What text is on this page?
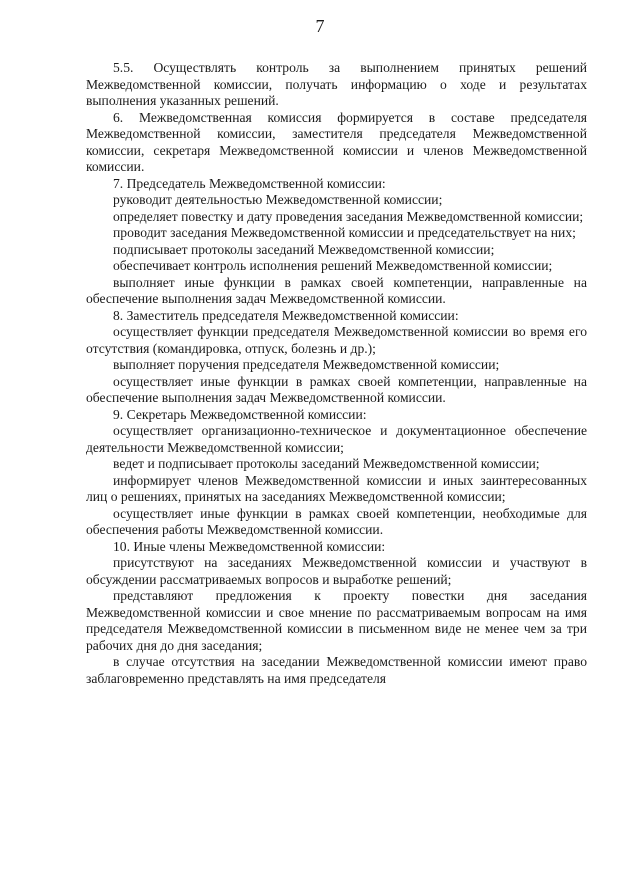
7

5.5. Осуществлять контроль за выполнением принятых решений Межведомственной комиссии, получать информацию о ходе и результатах выполнения указанных решений.

6. Межведомственная комиссия формируется в составе председателя Межведомственной комиссии, заместителя председателя Межведомственной комиссии, секретаря Межведомственной комиссии и членов Межведомственной комиссии.

7. Председатель Межведомственной комиссии:

руководит деятельностью Межведомственной комиссии;

определяет повестку и дату проведения заседания Межведомственной комиссии;

проводит заседания Межведомственной комиссии и председательствует на них;

подписывает протоколы заседаний Межведомственной комиссии;

обеспечивает контроль исполнения решений Межведомственной комиссии;

выполняет иные функции в рамках своей компетенции, направленные на обеспечение выполнения задач Межведомственной комиссии.

8. Заместитель председателя Межведомственной комиссии:

осуществляет функции председателя Межведомственной комиссии во время его отсутствия (командировка, отпуск, болезнь и др.);

выполняет поручения председателя Межведомственной комиссии;

осуществляет иные функции в рамках своей компетенции, направленные на обеспечение выполнения задач Межведомственной комиссии.

9. Секретарь Межведомственной комиссии:

осуществляет организационно-техническое и документационное обеспечение деятельности Межведомственной комиссии;

ведет и подписывает протоколы заседаний Межведомственной комиссии;

информирует членов Межведомственной комиссии и иных заинтересованных лиц о решениях, принятых на заседаниях Межведомственной комиссии;

осуществляет иные функции в рамках своей компетенции, необходимые для обеспечения работы Межведомственной комиссии.

10. Иные члены Межведомственной комиссии:

присутствуют на заседаниях Межведомственной комиссии и участвуют в обсуждении рассматриваемых вопросов и выработке решений;

представляют предложения к проекту повестки дня заседания Межведомственной комиссии и свое мнение по рассматриваемым вопросам на имя председателя Межведомственной комиссии в письменном виде не менее чем за три рабочих дня до дня заседания;

в случае отсутствия на заседании Межведомственной комиссии имеют право заблаговременно представлять на имя председателя
